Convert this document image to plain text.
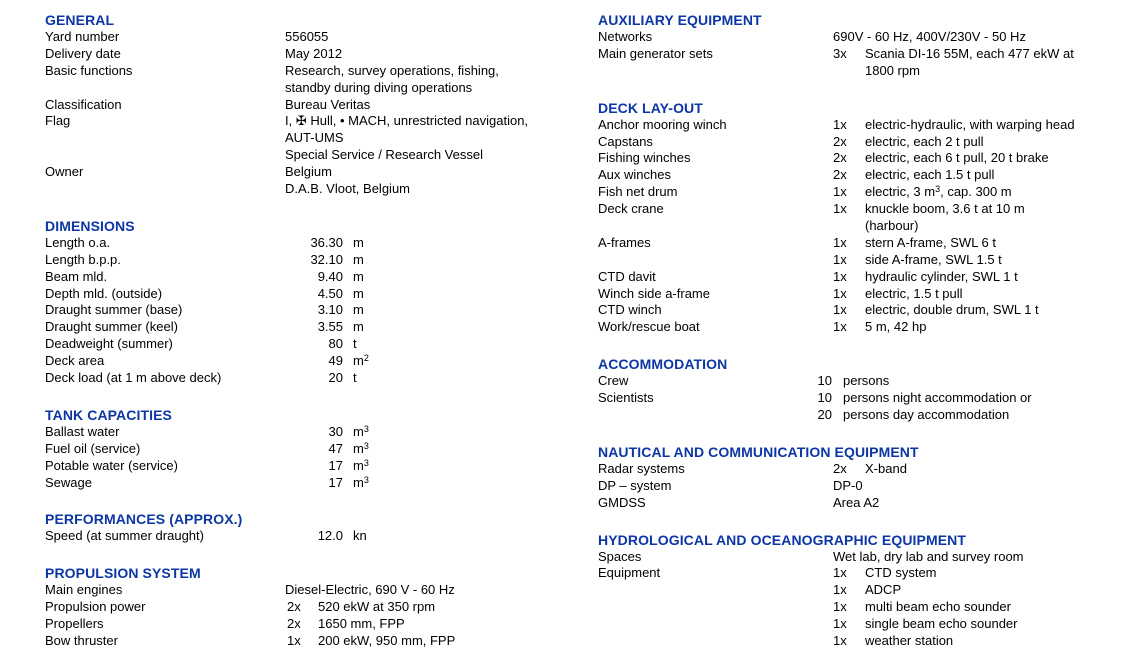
GENERAL
Yard number	556055
Delivery date	May 2012
Basic functions	Research, survey operations, fishing,
standby during diving operations
Classification	Bureau Veritas
Flag	I, ✠ Hull, • MACH, unrestricted navigation,
AUT-UMS
Special Service / Research Vessel
Owner	Belgium
D.A.B. Vloot, Belgium
DIMENSIONS
Length o.a.	36.30 m
Length b.p.p.	32.10 m
Beam mld.	9.40 m
Depth mld. (outside)	4.50 m
Draught summer (base)	3.10 m
Draught summer (keel)	3.55 m
Deadweight (summer)	80 t
Deck area	49 $m^2$
Deck load (at 1 m above deck)	20 t
TANK CAPACITIES
Ballast water	30 $m^3$
Fuel oil (service)	47 $m^3$
Potable water (service)	17 $m^3$
Sewage	17 $m^3$
PERFORMANCES (APPROX.)
Speed (at summer draught)	12.0 kn
PROPULSION SYSTEM
Main engines	Diesel-Electric, 690 V - 60 Hz
Propulsion power	2x 520 ekW at 350 rpm
Propellers	2x 1650 mm, FPP
Bow thruster	1x 200 ekW, 950 mm, FPP
AUXILIARY EQUIPMENT
Networks	690V - 60 Hz, 400V/230V - 50 Hz
Main generator sets	3x Scania DI-16 55M, each 477 ekW at
1800 rpm
DECK LAY-OUT
Anchor mooring winch	1x electric-hydraulic, with warping head
Capstans	2x electric, each 2 t pull
Fishing winches	2x electric, each 6 t pull, 20 t brake
Aux winches	2x electric, each 1.5 t pull
Fish net drum	1x electric, 3 $m^3$, cap. 300 m
Deck crane	1x knuckle boom, 3.6 t at 10 m
(harbour)
A-frames	1x stern A-frame, SWL 6 t
1x side A-frame, SWL 1.5 t
CTD davit	1x hydraulic cylinder, SWL 1 t
Winch side a-frame	1x electric, 1.5 t pull
CTD winch	1x electric, double drum, SWL 1 t
Work/rescue boat	1x 5 m, 42 hp
ACCOMMODATION
Crew	10 persons
Scientists	10 persons night accommodation or
20 persons day accommodation
NAUTICAL AND COMMUNICATION EQUIPMENT
Radar systems	2x X-band
DP – system	DP-0
GMDSS	Area A2
HYDROLOGICAL AND OCEANOGRAPHIC EQUIPMENT
Spaces	Wet lab, dry lab and survey room
Equipment	1x CTD system
1x ADCP
1x multi beam echo sounder
1x single beam echo sounder
1x weather station
